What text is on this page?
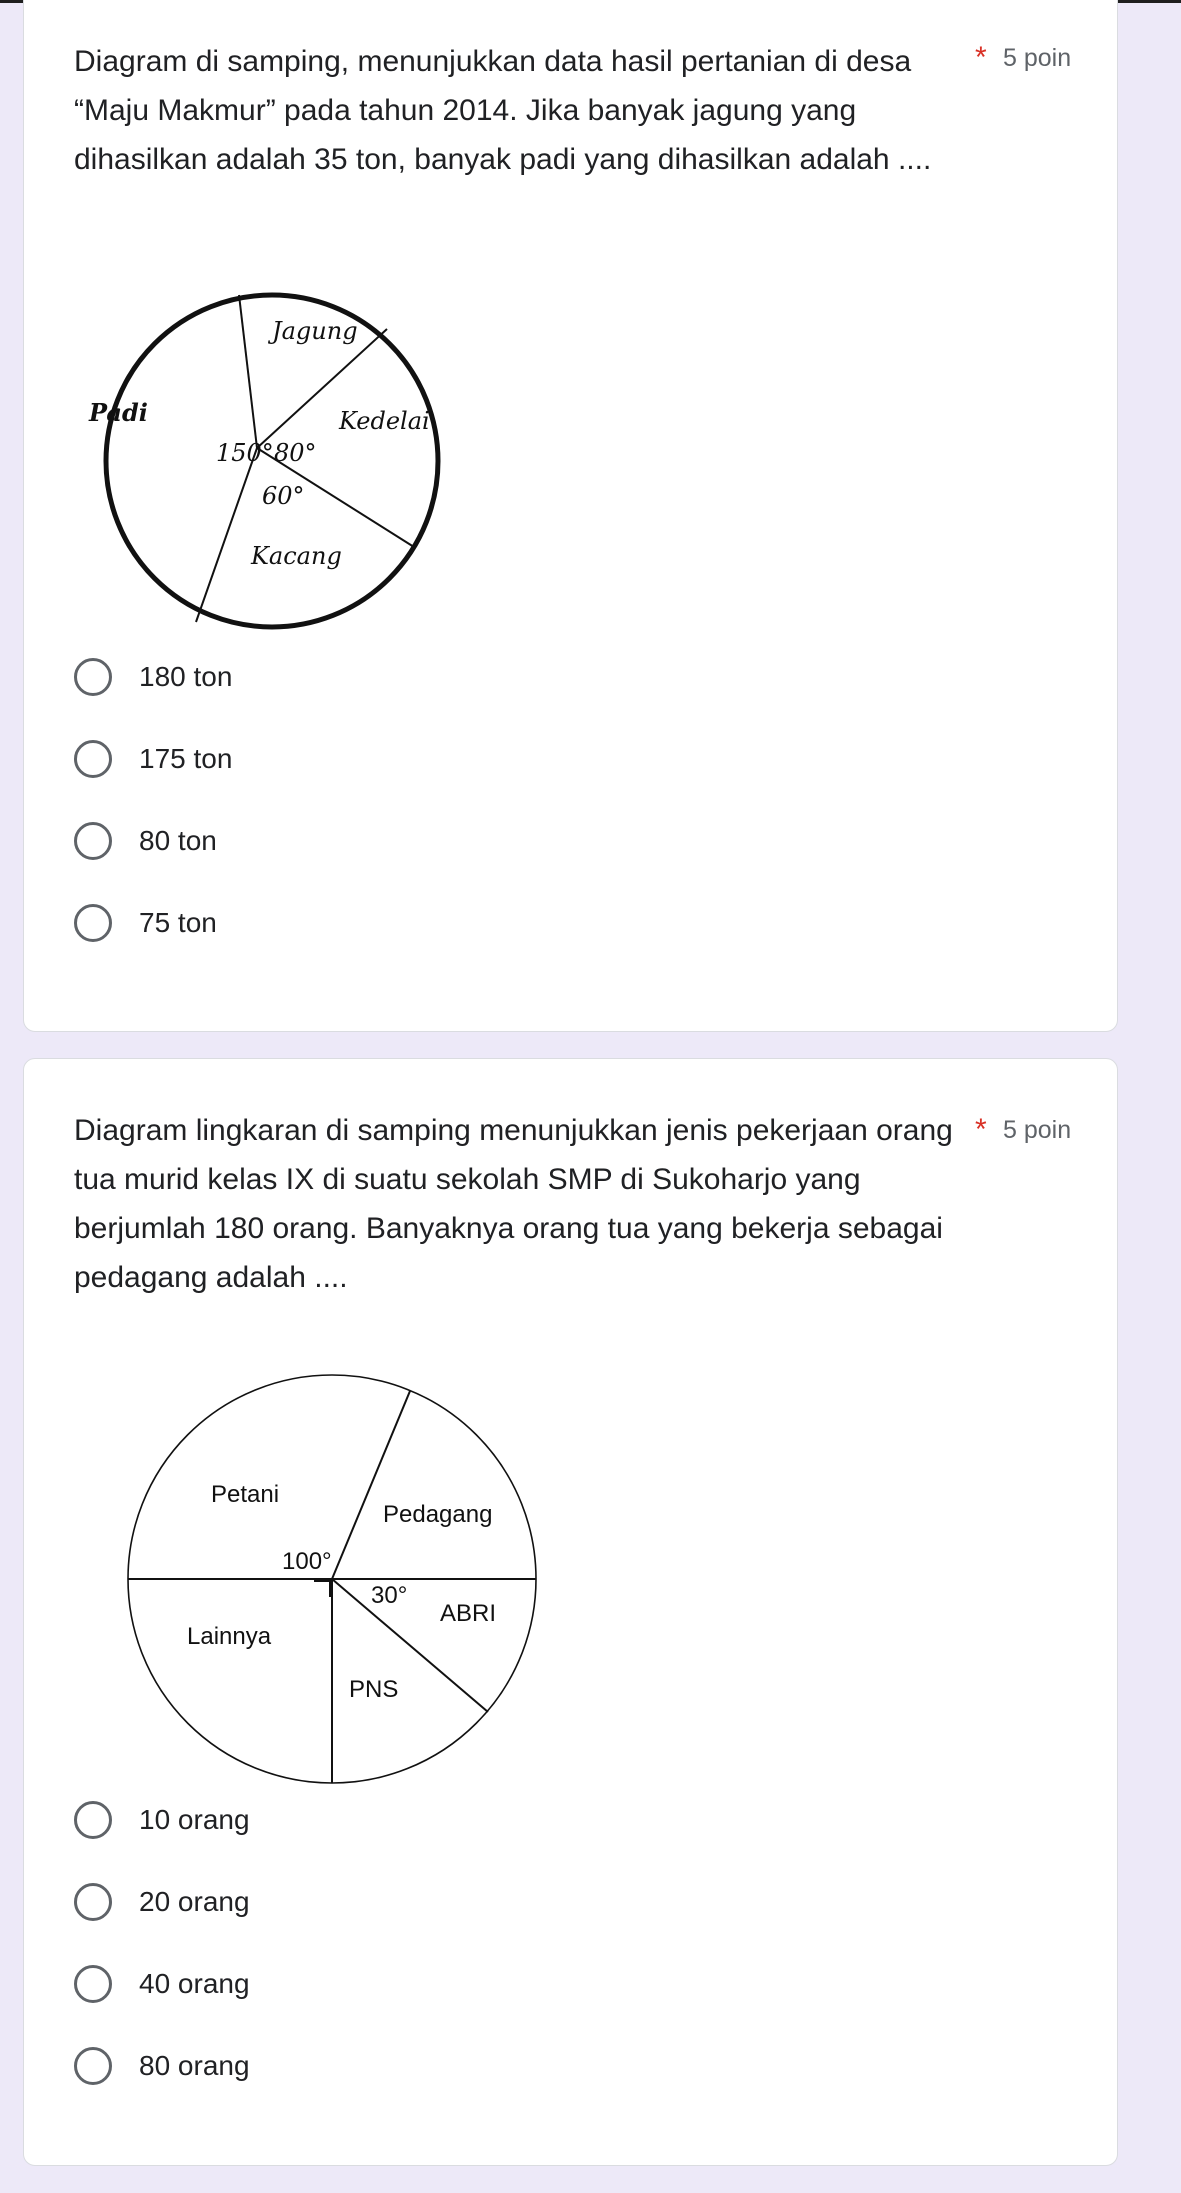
Diagram di samping, menunjukkan data hasil pertanian di desa “Maju Makmur” pada tahun 2014. Jika banyak jagung yang dihasilkan adalah 35 ton, banyak padi yang dihasilkan adalah ....

* 5 poin
Jagung
Kedelai
Kacang
Padi
150° 80°
60°
180 ton
175 ton
80 ton
75 ton

Diagram lingkaran di samping menunjukkan jenis pekerjaan orang tua murid kelas IX di suatu sekolah SMP di Sukoharjo yang berjumlah 180 orang. Banyaknya orang tua yang bekerja sebagai pedagang adalah ....

* 5 poin
Petani
Pedagang
ABRI
PNS
Lainnya
100°
30°
10 orang
20 orang
40 orang
80 orang
